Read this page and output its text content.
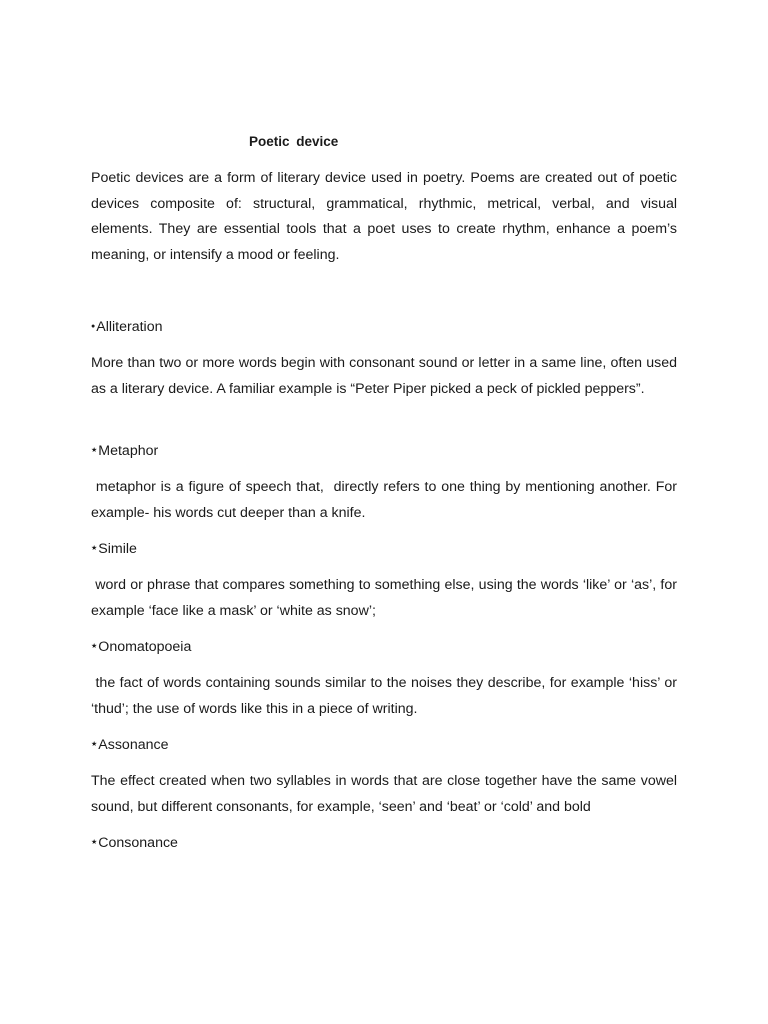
Poetic device

Poetic devices are a form of literary device used in poetry. Poems are created out of poetic devices composite of: structural, grammatical, rhythmic, metrical, verbal, and visual elements. They are essential tools that a poet uses to create rhythm, enhance a poem’s meaning, or intensify a mood or feeling.

●Alliteration

More than two or more words begin with consonant sound or letter in a same line, often used as a literary device. A familiar example is “Peter Piper picked a peck of pickled peppers”.

★Metaphor

metaphor is a figure of speech that,  directly refers to one thing by mentioning another. For example- his words cut deeper than a knife.

★Simile

word or phrase that compares something to something else, using the words ‘like’ or ‘as’, for example ‘face like a mask’ or ‘white as snow’;

★Onomatopoeia

the fact of words containing sounds similar to the noises they describe, for example ‘hiss’ or ‘thud’; the use of words like this in a piece of writing.

★Assonance

The effect created when two syllables in words that are close together have the same vowel sound, but different consonants, for example, ‘seen’ and ‘beat’ or ‘cold’ and bold

★Consonance
